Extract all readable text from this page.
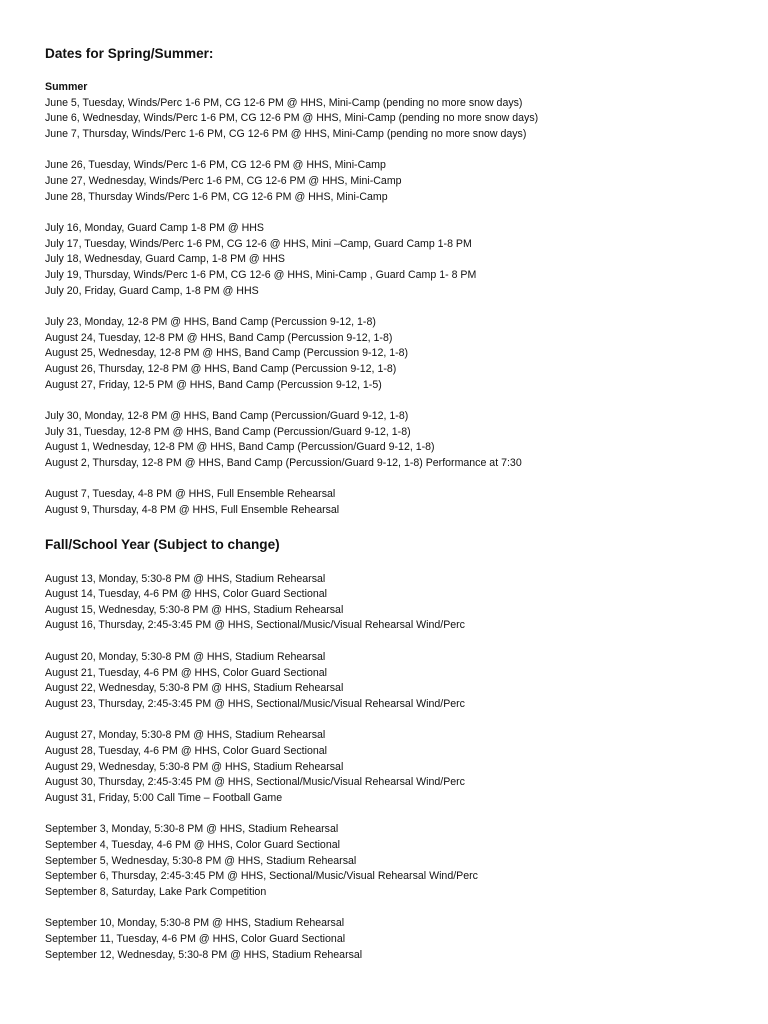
Dates for Spring/Summer:
Summer
June 5, Tuesday, Winds/Perc 1-6 PM, CG 12-6 PM @ HHS, Mini-Camp (pending no more snow days)
June 6, Wednesday, Winds/Perc 1-6 PM, CG 12-6 PM @ HHS, Mini-Camp (pending no more snow days)
June 7, Thursday, Winds/Perc 1-6 PM, CG 12-6 PM @ HHS, Mini-Camp (pending no more snow days)
June 26, Tuesday, Winds/Perc 1-6 PM, CG 12-6 PM @ HHS, Mini-Camp
June 27, Wednesday, Winds/Perc 1-6 PM, CG 12-6 PM @ HHS, Mini-Camp
June 28, Thursday Winds/Perc 1-6 PM, CG 12-6 PM @ HHS, Mini-Camp
July 16, Monday, Guard Camp 1-8 PM @ HHS
July 17, Tuesday, Winds/Perc 1-6 PM, CG 12-6 @ HHS, Mini –Camp, Guard Camp 1-8 PM
July 18, Wednesday, Guard Camp, 1-8 PM @ HHS
July 19, Thursday, Winds/Perc 1-6 PM, CG 12-6 @ HHS, Mini-Camp , Guard Camp 1- 8 PM
July 20, Friday, Guard Camp, 1-8 PM @ HHS
July 23, Monday, 12-8 PM @ HHS, Band Camp (Percussion 9-12, 1-8)
August 24, Tuesday, 12-8 PM @ HHS, Band Camp (Percussion 9-12, 1-8)
August 25, Wednesday, 12-8 PM @ HHS, Band Camp (Percussion 9-12, 1-8)
August 26, Thursday, 12-8 PM @ HHS, Band Camp (Percussion 9-12, 1-8)
August 27, Friday, 12-5 PM @ HHS, Band Camp (Percussion 9-12, 1-5)
July 30, Monday, 12-8 PM @ HHS, Band Camp (Percussion/Guard 9-12, 1-8)
July 31, Tuesday, 12-8 PM @ HHS, Band Camp (Percussion/Guard 9-12, 1-8)
August 1, Wednesday, 12-8 PM @ HHS, Band Camp (Percussion/Guard 9-12, 1-8)
August 2, Thursday, 12-8 PM @ HHS, Band Camp (Percussion/Guard 9-12, 1-8) Performance at 7:30
August 7, Tuesday, 4-8 PM @ HHS, Full Ensemble Rehearsal
August 9, Thursday, 4-8 PM @ HHS, Full Ensemble Rehearsal
Fall/School Year (Subject to change)
August 13, Monday, 5:30-8 PM @ HHS, Stadium Rehearsal
August 14, Tuesday, 4-6 PM @ HHS, Color Guard Sectional
August 15, Wednesday, 5:30-8 PM @ HHS, Stadium Rehearsal
August 16, Thursday, 2:45-3:45 PM @ HHS, Sectional/Music/Visual Rehearsal Wind/Perc
August 20, Monday, 5:30-8 PM @ HHS, Stadium Rehearsal
August 21, Tuesday, 4-6 PM @ HHS, Color Guard Sectional
August 22, Wednesday, 5:30-8 PM @ HHS, Stadium Rehearsal
August 23, Thursday, 2:45-3:45 PM @ HHS, Sectional/Music/Visual Rehearsal Wind/Perc
August 27, Monday, 5:30-8 PM @ HHS, Stadium Rehearsal
August 28, Tuesday, 4-6 PM @ HHS, Color Guard Sectional
August 29, Wednesday, 5:30-8 PM @ HHS, Stadium Rehearsal
August 30, Thursday, 2:45-3:45 PM @ HHS, Sectional/Music/Visual Rehearsal Wind/Perc
August 31, Friday, 5:00 Call Time – Football Game
September 3, Monday, 5:30-8 PM @ HHS, Stadium Rehearsal
September 4, Tuesday, 4-6 PM @ HHS, Color Guard Sectional
September 5, Wednesday, 5:30-8 PM @ HHS, Stadium Rehearsal
September 6, Thursday, 2:45-3:45 PM @ HHS, Sectional/Music/Visual Rehearsal Wind/Perc
September 8, Saturday, Lake Park Competition
September 10, Monday, 5:30-8 PM @ HHS, Stadium Rehearsal
September 11, Tuesday, 4-6 PM @ HHS, Color Guard Sectional
September 12, Wednesday, 5:30-8 PM @ HHS, Stadium Rehearsal
